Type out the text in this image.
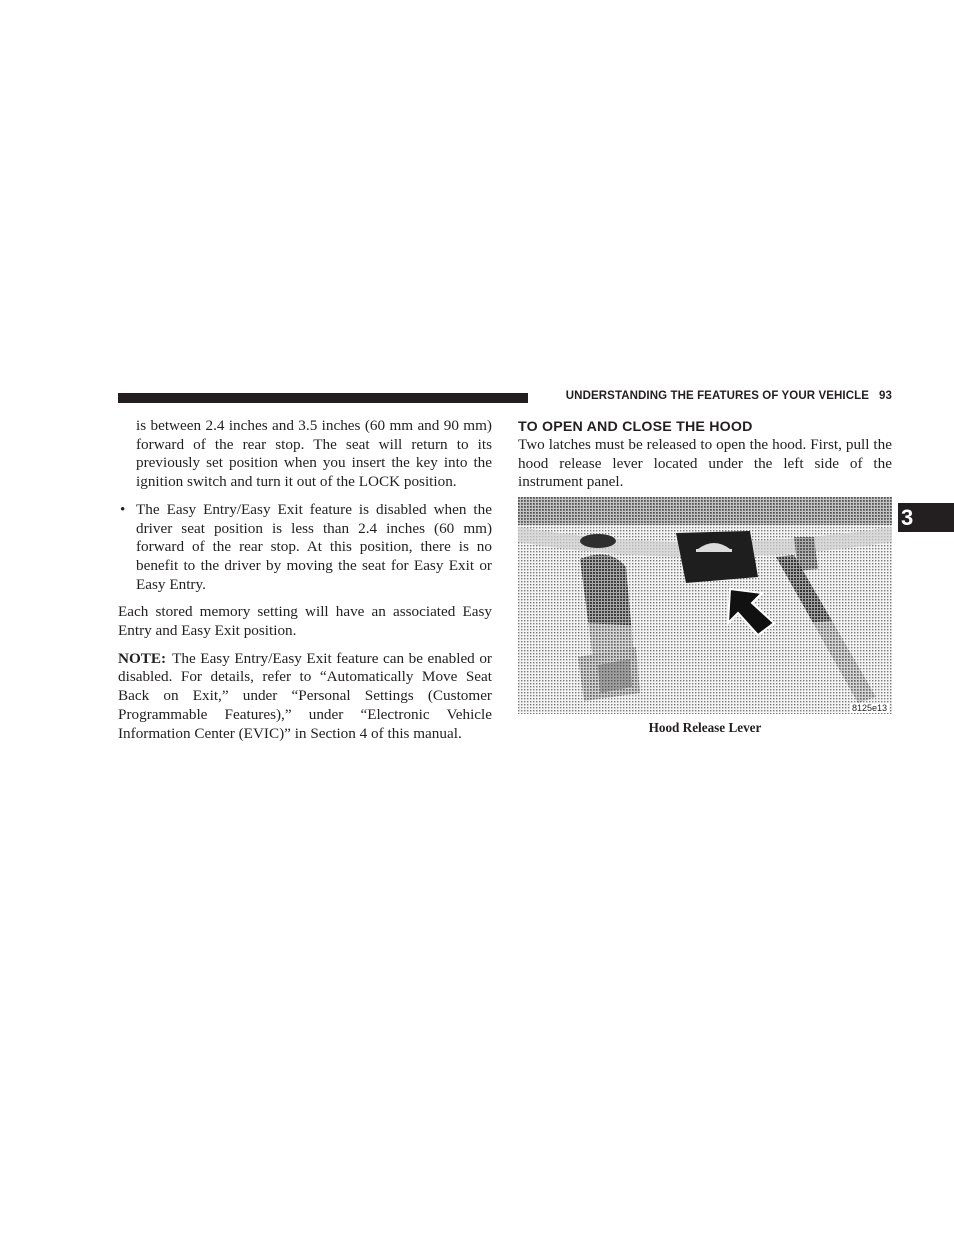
UNDERSTANDING THE FEATURES OF YOUR VEHICLE 93

is between 2.4 inches and 3.5 inches (60 mm and 90 mm) forward of the rear stop. The seat will return to its previously set position when you insert the key into the ignition switch and turn it out of the LOCK position.

• The Easy Entry/Easy Exit feature is disabled when the driver seat position is less than 2.4 inches (60 mm) forward of the rear stop. At this position, there is no benefit to the driver by moving the seat for Easy Exit or Easy Entry.

Each stored memory setting will have an associated Easy Entry and Easy Exit position.

NOTE: The Easy Entry/Easy Exit feature can be enabled or disabled. For details, refer to “Automatically Move Seat Back on Exit,” under “Personal Settings (Customer Programmable Features),” under “Electronic Vehicle Information Center (EVIC)” in Section 4 of this manual.

TO OPEN AND CLOSE THE HOOD

Two latches must be released to open the hood. First, pull the hood release lever located under the left side of the instrument panel.

8125e13
Hood Release Lever
3
